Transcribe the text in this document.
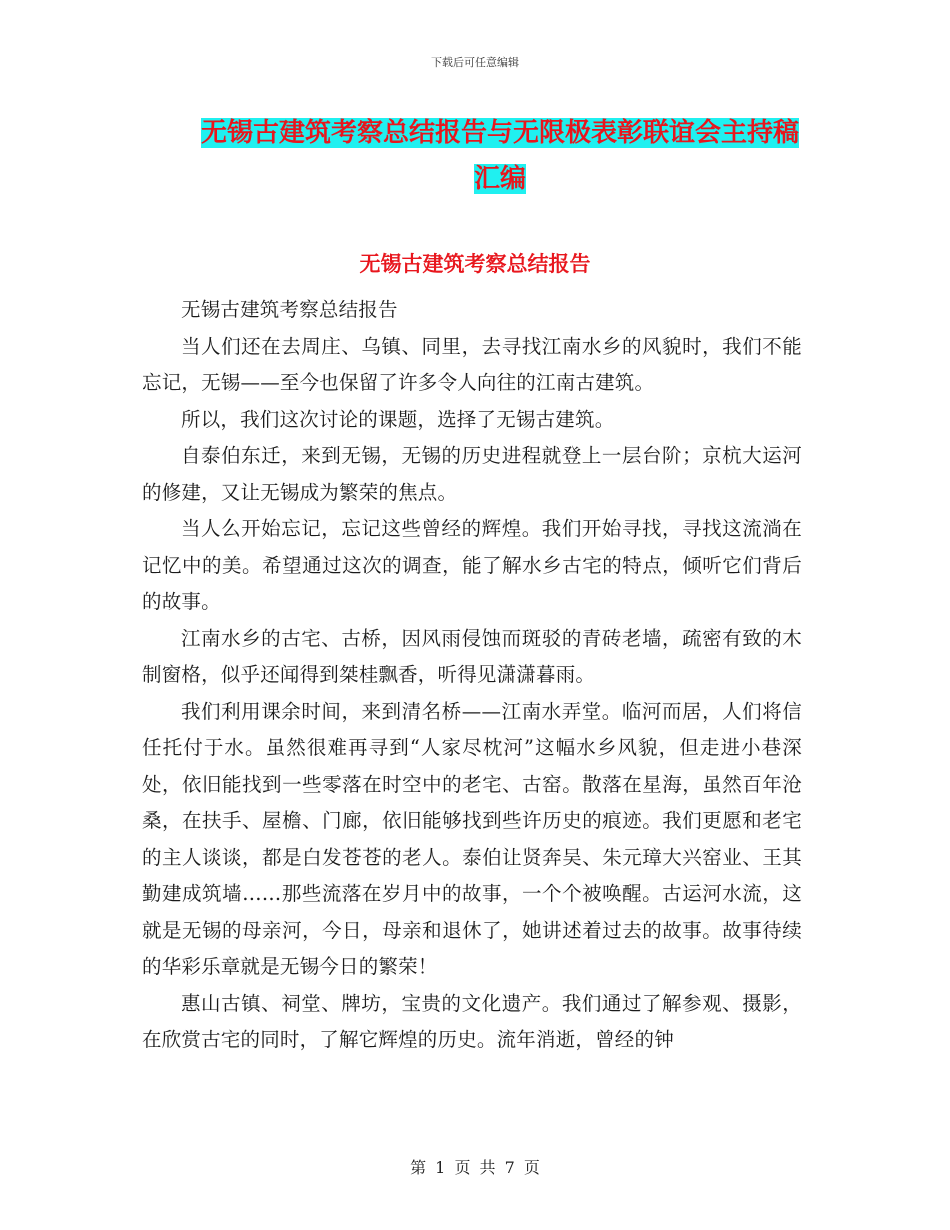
下载后可任意编辑
无锡古建筑考察总结报告与无限极表彰联谊会主持稿汇编
无锡古建筑考察总结报告

无锡古建筑考察总结报告

当人们还在去周庄、乌镇、同里，去寻找江南水乡的风貌时，我们不能忘记，无锡——至今也保留了许多令人向往的江南古建筑。

所以，我们这次讨论的课题，选择了无锡古建筑。

自泰伯东迁，来到无锡，无锡的历史进程就登上一层台阶；京杭大运河的修建，又让无锡成为繁荣的焦点。

当人么开始忘记，忘记这些曾经的辉煌。我们开始寻找，寻找这流淌在记忆中的美。希望通过这次的调查，能了解水乡古宅的特点，倾听它们背后的故事。

江南水乡的古宅、古桥，因风雨侵蚀而斑驳的青砖老墙，疏密有致的木制窗格，似乎还闻得到桀桂飘香，听得见潇潇暮雨。

我们利用课余时间，来到清名桥——江南水弄堂。临河而居，人们将信任托付于水。虽然很难再寻到“人家尽枕河”这幅水乡风貌，但走进小巷深处，依旧能找到一些零落在时空中的老宅、古窑。散落在星海，虽然百年沧桑，在扶手、屋檐、门廊，依旧能够找到些许历史的痕迹。我们更愿和老宅的主人谈谈，都是白发苍苍的老人。泰伯让贤奔吴、朱元璋大兴窑业、王其勤建成筑墙……那些流落在岁月中的故事，一个个被唤醒。古运河水流，这就是无锡的母亲河，今日，母亲和退休了，她讲述着过去的故事。故事待续的华彩乐章就是无锡今日的繁荣！

惠山古镇、祠堂、牌坊，宝贵的文化遗产。我们通过了解参观、摄影，在欣赏古宅的同时，了解它辉煌的历史。流年消逝，曾经的钟

第 1 页 共 7 页
